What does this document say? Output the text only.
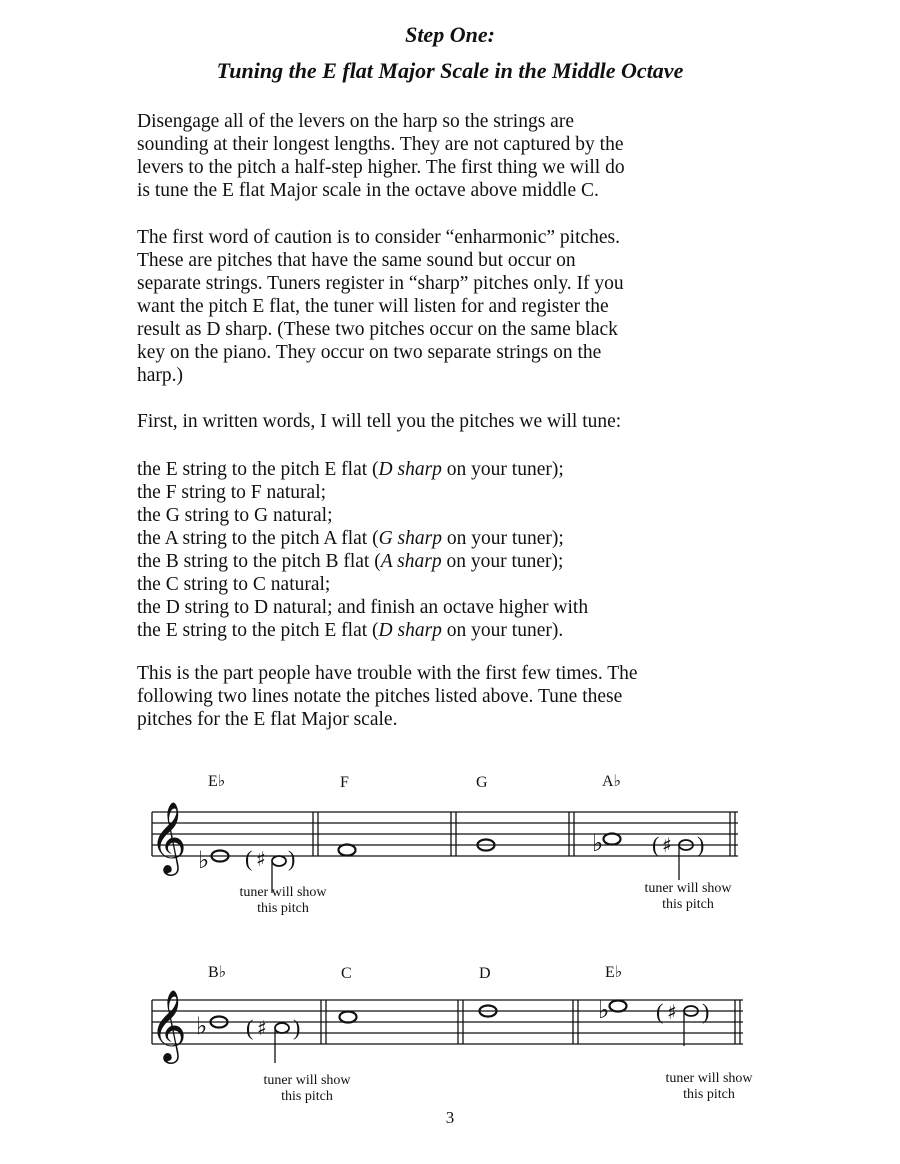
Step One:
Tuning the E flat Major Scale in the Middle Octave

Disengage all of the levers on the harp so the strings are
sounding at their longest lengths. They are not captured by the
levers to the pitch a half-step higher. The first thing we will do
is tune the E flat Major scale in the octave above middle C.

The first word of caution is to consider “enharmonic” pitches.
These are pitches that have the same sound but occur on
separate strings. Tuners register in “sharp” pitches only. If you
want the pitch E flat, the tuner will listen for and register the
result as D sharp. (These two pitches occur on the same black
key on the piano. They occur on two separate strings on the
harp.)

First, in written words, I will tell you the pitches we will tune:

the E string to the pitch E flat (D sharp on your tuner);
the F string to F natural;
the G string to G natural;
the A string to the pitch A flat (G sharp on your tuner);
the B string to the pitch B flat (A sharp on your tuner);
the C string to C natural;
the D string to D natural; and finish an octave higher with
the E string to the pitch E flat (D sharp on your tuner).

This is the part people have trouble with the first few times. The
following two lines notate the pitches listed above. Tune these
pitches for the E flat Major scale.

E♭	F	G	A♭
𝄞 ♭ ( ♯ )
♭ ( ♯ )
tuner will show
this pitch
tuner will show
this pitch
B♭	C	D	E♭
𝄞 ♭ ( ♯ )
♭ ( ♯ )
tuner will show
this pitch
tuner will show
this pitch
3
